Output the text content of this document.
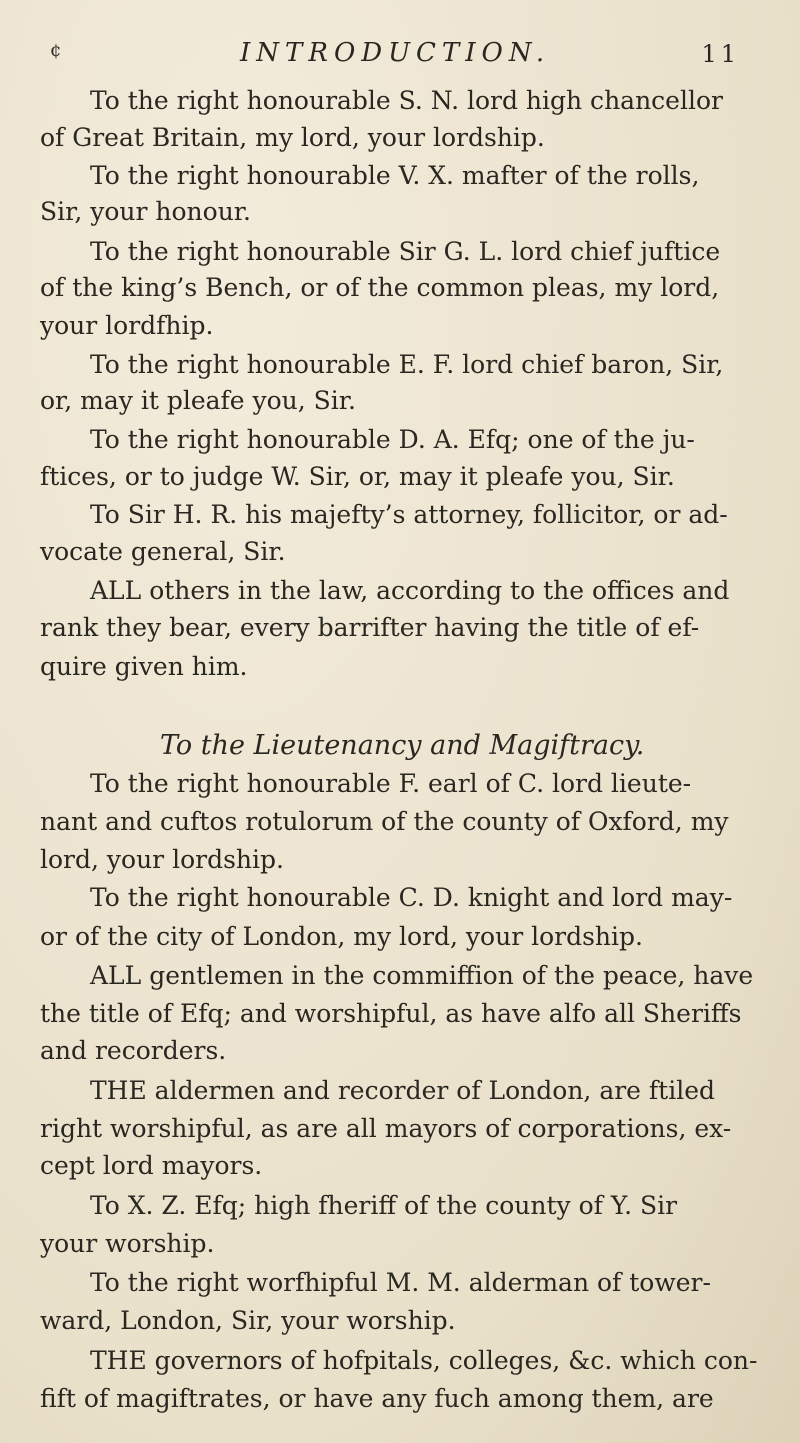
¢	INTRODUCTION.	11
To the right honourable S. N. lord high chancellor
of Great Britain, my lord, your lordship.
To the right honourable V. X. mafter of the rolls,
Sir, your honour.
To the right honourable Sir G. L. lord chief juftice
of the king’s Bench, or of the common pleas, my lord,
your lordfhip.
To the right honourable E. F. lord chief baron, Sir,
or, may it pleafe you, Sir.
To the right honourable D. A. Efq; one of the ju-
ftices, or to judge W. Sir, or, may it pleafe you, Sir.
To Sir H. R. his majefty’s attorney, follicitor, or ad-
vocate general, Sir.
ALL others in the law, according to the offices and
rank they bear, every barrifter having the title of ef-
quire given him.
To the Lieutenancy and Magiftracy.
To the right honourable F. earl of C. lord lieute-
nant and cuftos rotulorum of the county of Oxford, my
lord, your lordship.
To the right honourable C. D. knight and lord may-
or of the city of London, my lord, your lordship.
ALL gentlemen in the commiffion of the peace, have
the title of Efq; and worshipful, as have alfo all Sheriffs
and recorders.
THE aldermen and recorder of London, are ftiled
right worshipful, as are all mayors of corporations, ex-
cept lord mayors.
To X. Z. Efq; high fheriff of the county of Y. Sir
your worship.
To the right worfhipful M. M. alderman of tower-
ward, London, Sir, your worship.
THE governors of hofpitals, colleges, &c. which con-
fift of magiftrates, or have any fuch among them, are
